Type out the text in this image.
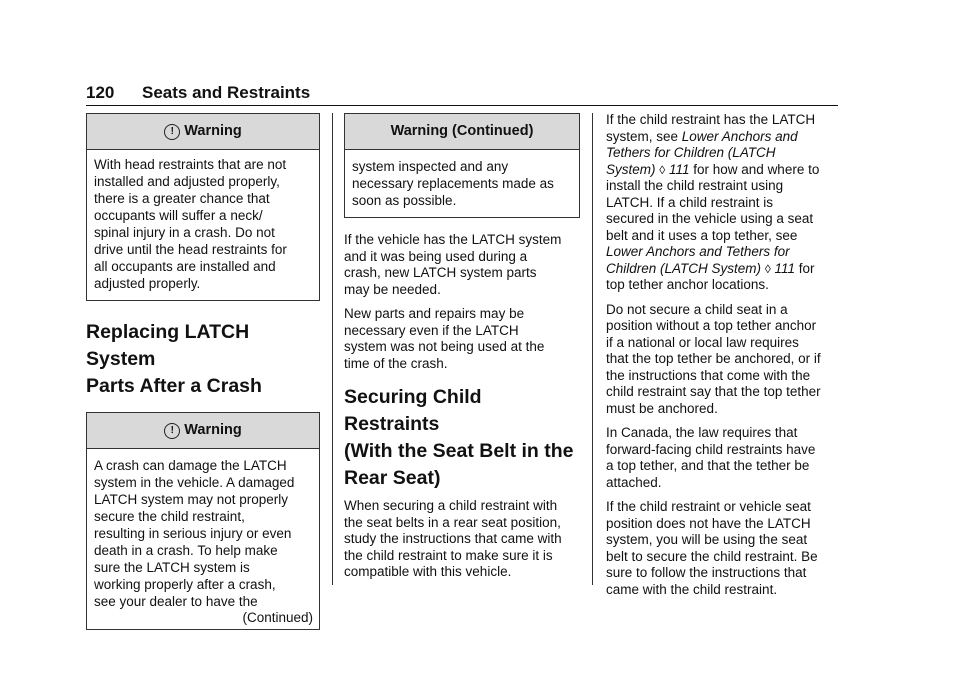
120 Seats and Restraints
! Warning
With head restraints that are not
installed and adjusted properly,
there is a greater chance that
occupants will suffer a neck/
spinal injury in a crash. Do not
drive until the head restraints for
all occupants are installed and
adjusted properly.
Replacing LATCH System
Parts After a Crash
! Warning
A crash can damage the LATCH
system in the vehicle. A damaged
LATCH system may not properly
secure the child restraint,
resulting in serious injury or even
death in a crash. To help make
sure the LATCH system is
working properly after a crash,
see your dealer to have the
(Continued)
Warning (Continued)
system inspected and any
necessary replacements made as
soon as possible.

If the vehicle has the LATCH system
and it was being used during a
crash, new LATCH system parts
may be needed.

New parts and repairs may be
necessary even if the LATCH
system was not being used at the
time of the crash.

Securing Child Restraints
(With the Seat Belt in the
Rear Seat)

When securing a child restraint with
the seat belts in a rear seat position,
study the instructions that came with
the child restraint to make sure it is
compatible with this vehicle.

If the child restraint has the LATCH
system, see Lower Anchors and
Tethers for Children (LATCH
System) ◊ 111 for how and where to
install the child restraint using
LATCH. If a child restraint is
secured in the vehicle using a seat
belt and it uses a top tether, see
Lower Anchors and Tethers for
Children (LATCH System) ◊ 111 for
top tether anchor locations.

Do not secure a child seat in a
position without a top tether anchor
if a national or local law requires
that the top tether be anchored, or if
the instructions that come with the
child restraint say that the top tether
must be anchored.

In Canada, the law requires that
forward-facing child restraints have
a top tether, and that the tether be
attached.

If the child restraint or vehicle seat
position does not have the LATCH
system, you will be using the seat
belt to secure the child restraint. Be
sure to follow the instructions that
came with the child restraint.
